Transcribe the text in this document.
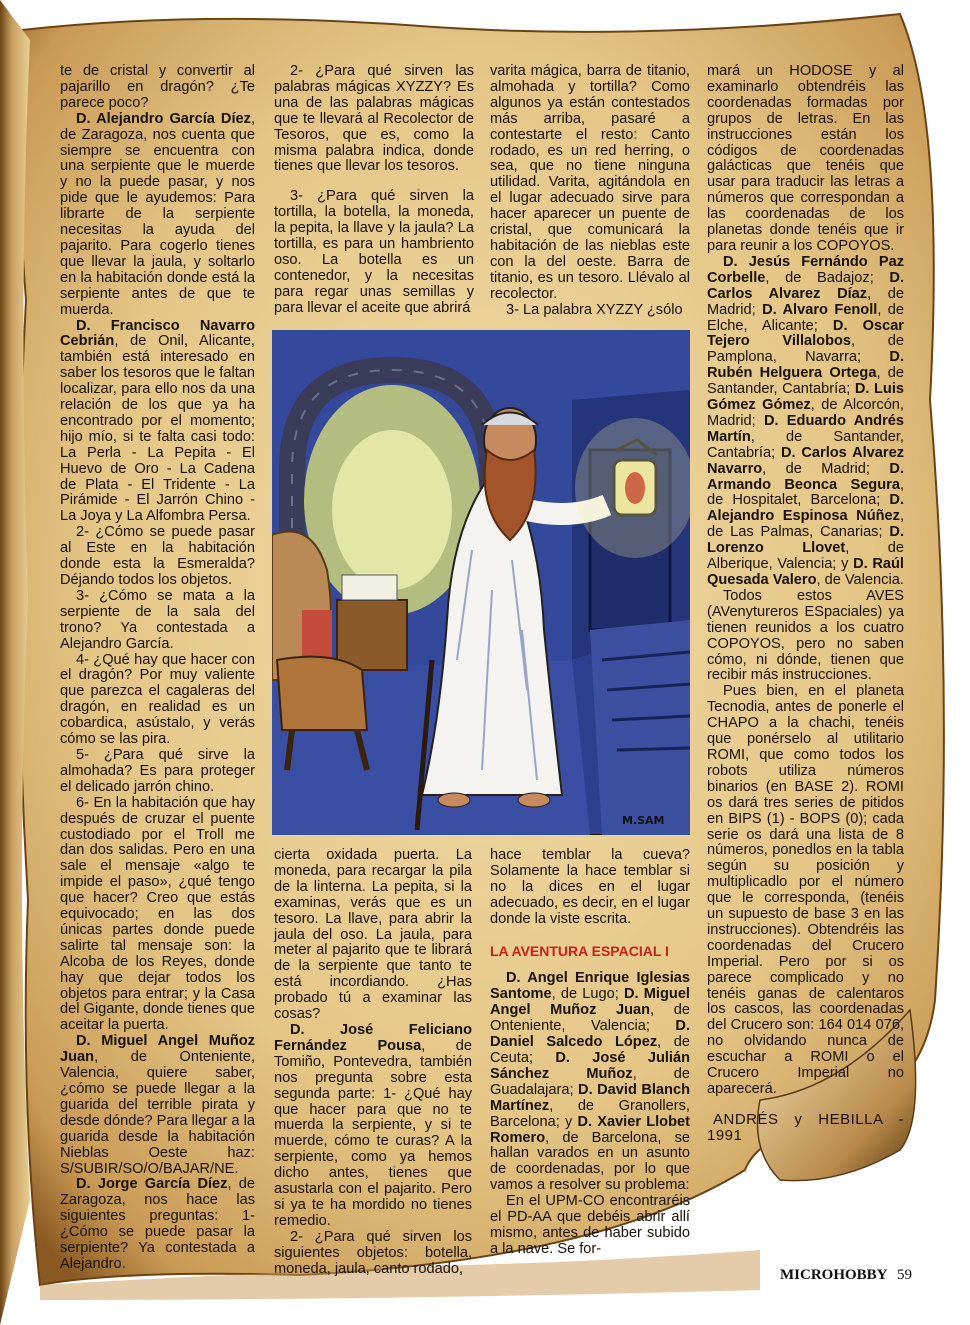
te de cristal y convertir al pajarillo en dragón? ¿Te parece poco?

D. Alejandro García Díez, de Zaragoza, nos cuenta que siempre se encuentra con una serpiente que le muerde y no la puede pasar, y nos pide que le ayudemos: Para librarte de la serpiente necesitas la ayuda del pajarito. Para cogerlo tienes que llevar la jaula, y soltarlo en la habitación donde está la serpiente antes de que te muerda.

D. Francisco Navarro Cebrián, de Onil, Alicante, también está interesado en saber los tesoros que le faltan localizar, para ello nos da una relación de los que ya ha encontrado por el momento; hijo mío, si te falta casi todo: La Perla - La Pepita - El Huevo de Oro - La Cadena de Plata - El Tridente - La Pirámide - El Jarrón Chino - La Joya y La Alfombra Persa.

2- ¿Cómo se puede pasar al Este en la habitación donde esta la Esmeralda? Déjando todos los objetos.

3- ¿Cómo se mata a la serpiente de la sala del trono? Ya contestada a Alejandro García.

4- ¿Qué hay que hacer con el dragón? Por muy valiente que parezca el cagaleras del dragón, en realidad es un cobardica, asústalo, y verás cómo se las pira.

5- ¿Para qué sirve la almohada? Es para proteger el delicado jarrón chino.

6- En la habitación que hay después de cruzar el puente custodiado por el Troll me dan dos salidas. Pero en una sale el mensaje «algo te impide el paso», ¿qué tengo que hacer? Creo que estás equivocado; en las dos únicas partes donde puede salirte tal mensaje son: la Alcoba de los Reyes, donde hay que dejar todos los objetos para entrar; y la Casa del Gigante, donde tienes que aceitar la puerta.

D. Miguel Angel Muñoz Juan, de Onteniente, Valencia, quiere saber, ¿cómo se puede llegar a la guarida del terrible pirata y desde dónde? Para llegar a la guarida desde la habitación Nieblas Oeste haz: S/SUBIR/SO/O/BAJAR/NE.

D. Jorge García Díez, de Zaragoza, nos hace las siguientes preguntas: 1- ¿Cómo se puede pasar la serpiente? Ya contestada a Alejandro.

2- ¿Para qué sirven las palabras mágicas XYZZY? Es una de las palabras mágicas que te llevará al Recolector de Tesoros, que es, como la misma palabra indica, donde tienes que llevar los tesoros.

3- ¿Para qué sirven la tortilla, la botella, la moneda, la pepita, la llave y la jaula? La tortilla, es para un hambriento oso. La botella es un contenedor, y la necesitas para regar unas semillas y para llevar el aceite que abrirá

varita mágica, barra de titanio, almohada y tortilla? Como algunos ya están contestados más arriba, pasaré a contestarte el resto: Canto rodado, es un red herring, o sea, que no tiene ninguna utilidad. Varita, agitándola en el lugar adecuado sirve para hacer aparecer un puente de cristal, que comunicará la habitación de las nieblas este con la del oeste. Barra de titanio, es un tesoro. Llévalo al recolector.

3- La palabra XYZZY ¿sólo

M.SAM

cierta oxidada puerta. La moneda, para recargar la pila de la linterna. La pepita, si la examinas, verás que es un tesoro. La llave, para abrir la jaula del oso. La jaula, para meter al pajarito que te librará de la serpiente que tanto te está incordiando. ¿Has probado tú a examinar las cosas?

D. José Feliciano Fernández Pousa, de Tomiño, Pontevedra, también nos pregunta sobre esta segunda parte: 1- ¿Qué hay que hacer para que no te muerda la serpiente, y si te muerde, cómo te curas? A la serpiente, como ya hemos dicho antes, tienes que asustarla con el pajarito. Pero si ya te ha mordido no tienes remedio.

2- ¿Para qué sirven los siguientes objetos: botella, moneda, jaula, canto rodado,

hace temblar la cueva? Solamente la hace temblar si no la dices en el lugar adecuado, es decir, en el lugar donde la viste escrita.

LA AVENTURA ESPACIAL I

D. Angel Enrique Iglesias Santome, de Lugo; D. Miguel Angel Muñoz Juan, de Onteniente, Valencia; D. Daniel Salcedo López, de Ceuta; D. José Julián Sánchez Muñoz, de Guadalajara; D. David Blanch Martínez, de Granollers, Barcelona; y D. Xavier Llobet Romero, de Barcelona, se hallan varados en un asunto de coordenadas, por lo que vamos a resolver su problema:

En el UPM-CO encontraréis el PD-AA que debéis abrir allí mismo, antes de haber subido a la nave. Se for-

mará un HODOSE y al examinarlo obtendréis las coordenadas formadas por grupos de letras. En las instrucciones están los códigos de coordenadas galácticas que tenéis que usar para traducir las letras a números que correspondan a las coordenadas de los planetas donde tenéis que ir para reunir a los COPOYOS.

D. Jesús Fernándo Paz Corbelle, de Badajoz; D. Carlos Alvarez Díaz, de Madrid; D. Alvaro Fenoll, de Elche, Alicante; D. Oscar Tejero Villalobos, de Pamplona, Navarra; D. Rubén Helguera Ortega, de Santander, Cantabría; D. Luis Gómez Gómez, de Alcorcón, Madrid; D. Eduardo Andrés Martín, de Santander, Cantabría; D. Carlos Alvarez Navarro, de Madrid; D. Armando Beonca Segura, de Hospitalet, Barcelona; D. Alejandro Espinosa Núñez, de Las Palmas, Canarias; D. Lorenzo Llovet, de Alberique, Valencia; y D. Raúl Quesada Valero, de Valencia.

Todos estos AVES (AVenytureros ESpaciales) ya tienen reunidos a los cuatro COPOYOS, pero no saben cómo, ni dónde, tienen que recibir más instrucciones.

Pues bien, en el planeta Tecnodia, antes de ponerle el CHAPO a la chachi, tenéis que ponérselo al utilitario ROMI, que como todos los robots utiliza números binarios (en BASE 2). ROMI os dará tres series de pitidos en BIPS (1) - BOPS (0); cada serie os dará una lista de 8 números, ponedlos en la tabla según su posición y multiplicadlo por el número que le corresponda, (tenéis un supuesto de base 3 en las instrucciones). Obtendréis las coordenadas del Crucero Imperial. Pero por si os parece complicado y no tenéis ganas de calentaros los cascos, las coordenadas del Crucero son: 164 014 076, no olvidando nunca de escuchar a ROMI o el Crucero Imperial no aparecerá.

ANDRÉS y HEBILLA - 1991

MICROHOBBY 59
